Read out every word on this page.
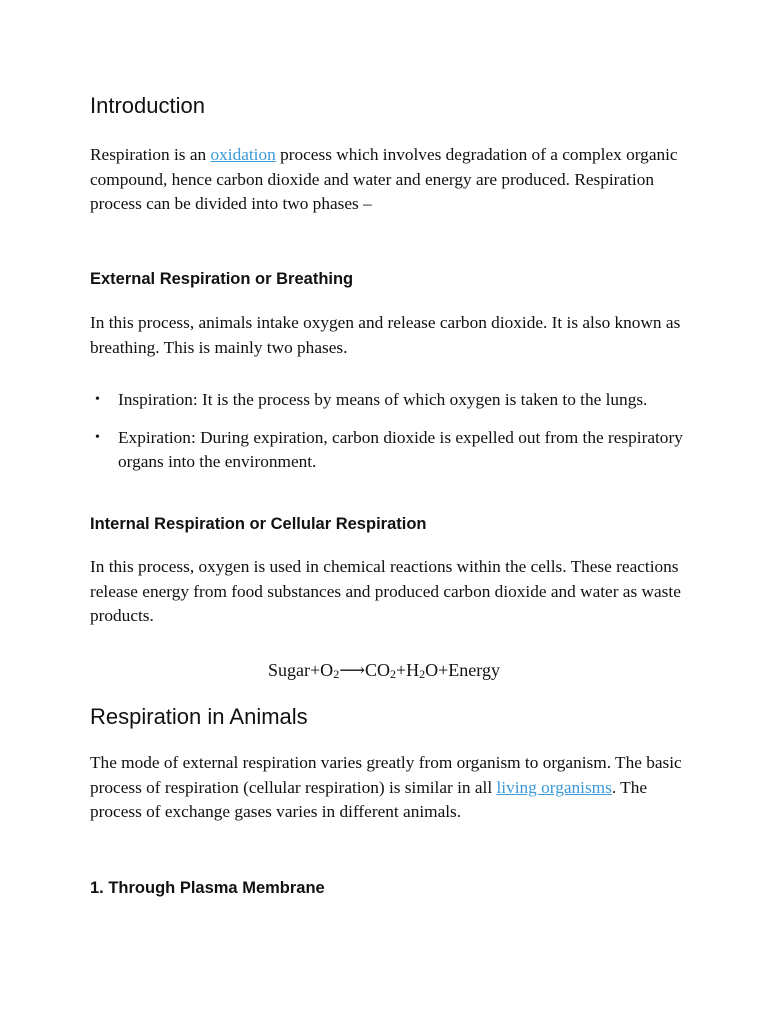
Introduction

Respiration is an oxidation process which involves degradation of a complex organic compound, hence carbon dioxide and water and energy are produced. Respiration process can be divided into two phases –

External Respiration or Breathing

In this process, animals intake oxygen and release carbon dioxide. It is also known as breathing. This is mainly two phases.

• Inspiration: It is the process by means of which oxygen is taken to the lungs.
• Expiration: During expiration, carbon dioxide is expelled out from the respiratory organs into the environment.
Internal Respiration or Cellular Respiration

In this process, oxygen is used in chemical reactions within the cells. These reactions release energy from food substances and produced carbon dioxide and water as waste products.

$Sugar+O_2⟶CO_2+H_2O+Energy$
Respiration in Animals

The mode of external respiration varies greatly from organism to organism. The basic process of respiration (cellular respiration) is similar in all living organisms. The process of exchange gases varies in different animals.

1. Through Plasma Membrane
